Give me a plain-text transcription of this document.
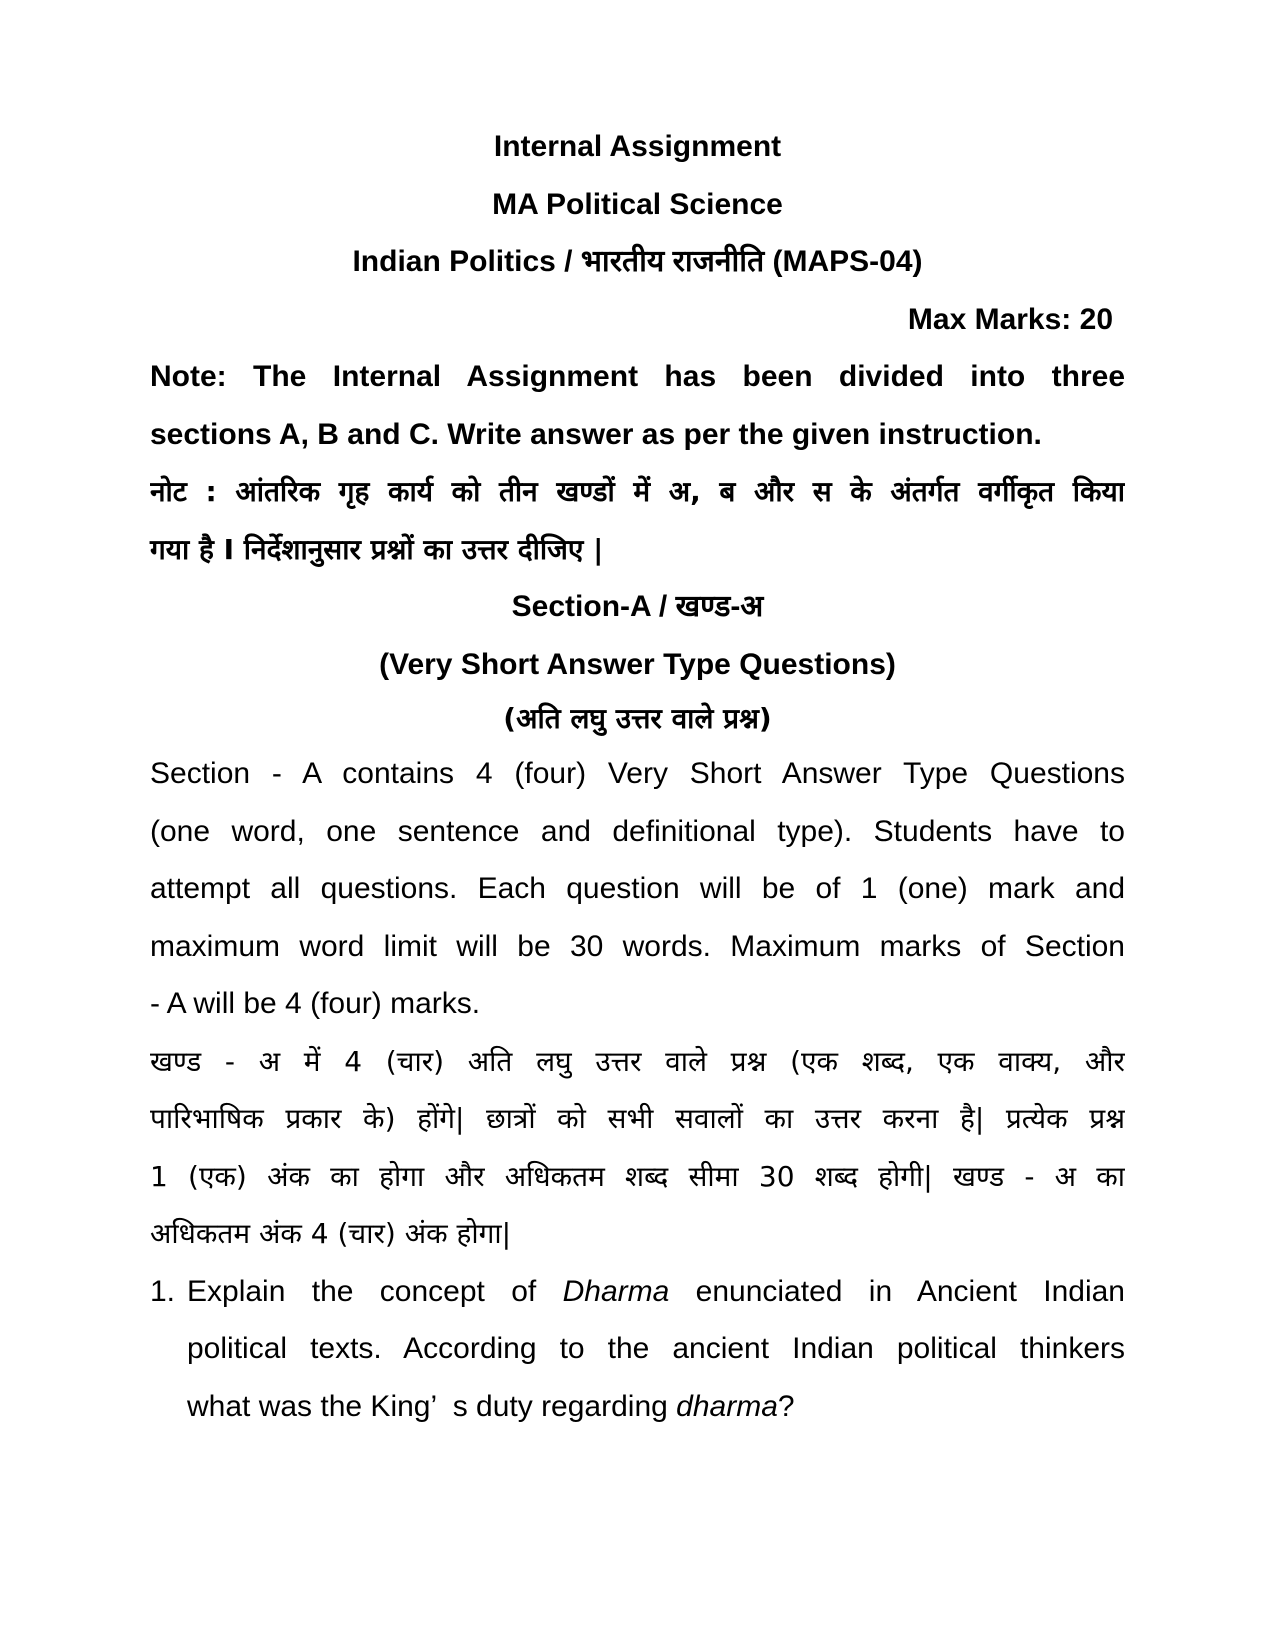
Internal Assignment
MA Political Science
Indian Politics / भारतीय राजनीति (MAPS-04)
Max Marks: 20
Note: The Internal Assignment has been divided into three
sections A, B and C. Write answer as per the given instruction.
नोट : आंतरिक गृह कार्य को तीन खण्डों में अ, ब और स के अंतर्गत वर्गीकृत किया
गया है I निर्देशानुसार प्रश्नों का उत्तर दीजिए |
Section-A / खण्ड-अ
(Very Short Answer Type Questions)
(अति लघु उत्तर वाले प्रश्न)
Section - A contains 4 (four) Very Short Answer Type Questions
(one word, one sentence and definitional type). Students have to
attempt all questions. Each question will be of 1 (one) mark and
maximum word limit will be 30 words. Maximum marks of Section
- A will be 4 (four) marks.
खण्ड - अ में 4 (चार) अति लघु उत्तर वाले प्रश्न (एक शब्द, एक वाक्य, और
पारिभाषिक प्रकार के) होंगे| छात्रों को सभी सवालों का उत्तर करना है| प्रत्येक प्रश्न
1 (एक) अंक का होगा और अधिकतम शब्द सीमा 30 शब्द होगी| खण्ड - अ का
अधिकतम अंक 4 (चार) अंक होगा|
1. Explain the concept of Dharma enunciated in Ancient Indian
political texts. According to the ancient Indian political thinkers
what was the King’  s duty regarding dharma?
